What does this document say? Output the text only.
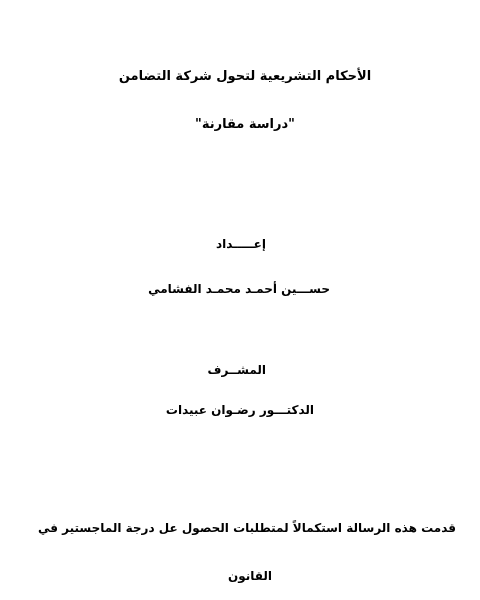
الأحكام التشريعية لتحول شركة التضامن
"دراسة مقارنة"
إعـــــداد
حســـين أحمـد محمـد الفشامي
المشــرف
الدكتـــور رضـوان عبيدات
قدمت هذه الرسالة استكمالاً لمتطلبات الحصول عل درجة الماجستير في
القانون
